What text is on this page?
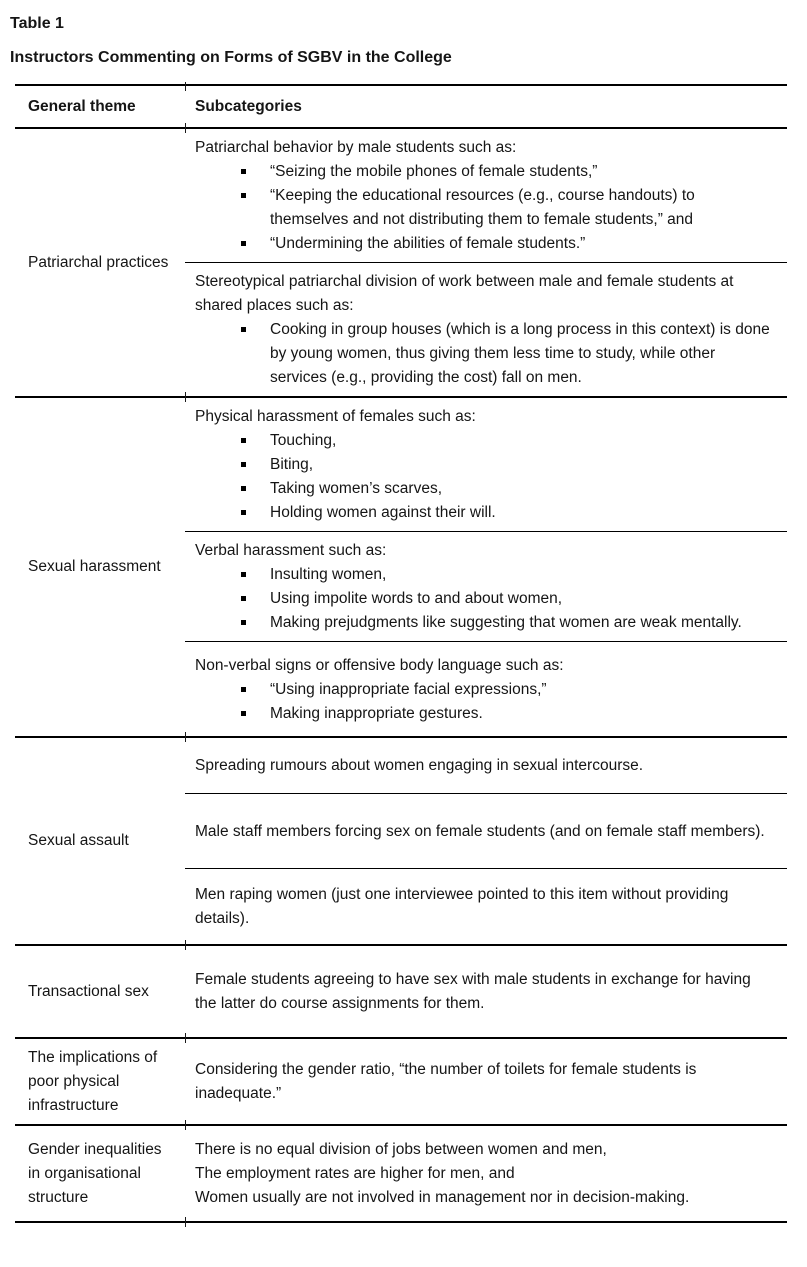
Table 1
Instructors Commenting on Forms of SGBV in the College
General theme	Subcategories
Patriarchal practices
Patriarchal behavior by male students such as:
“Seizing the mobile phones of female students,”
“Keeping the educational resources (e.g., course handouts) to themselves and not distributing them to female students,” and
“Undermining the abilities of female students.”
Stereotypical patriarchal division of work between male and female students at shared places such as:
Cooking in group houses (which is a long process in this context) is done by young women, thus giving them less time to study, while other services (e.g., providing the cost) fall on men.
Sexual harassment
Physical harassment of females such as:
Touching,
Biting,
Taking women’s scarves,
Holding women against their will.
Verbal harassment such as:
Insulting women,
Using impolite words to and about women,
Making prejudgments like suggesting that women are weak mentally.
Non-verbal signs or offensive body language such as:
“Using inappropriate facial expressions,”
Making inappropriate gestures.
Sexual assault
Spreading rumours about women engaging in sexual intercourse.
Male staff members forcing sex on female students (and on female staff members).
Men raping women (just one interviewee pointed to this item without providing details).
Transactional sex
Female students agreeing to have sex with male students in exchange for having the latter do course assignments for them.
The implications of poor physical infrastructure
Considering the gender ratio, “the number of toilets for female students is inadequate.”
Gender inequalities in organisational structure
There is no equal division of jobs between women and men,
The employment rates are higher for men, and
Women usually are not involved in management nor in decision-making.
